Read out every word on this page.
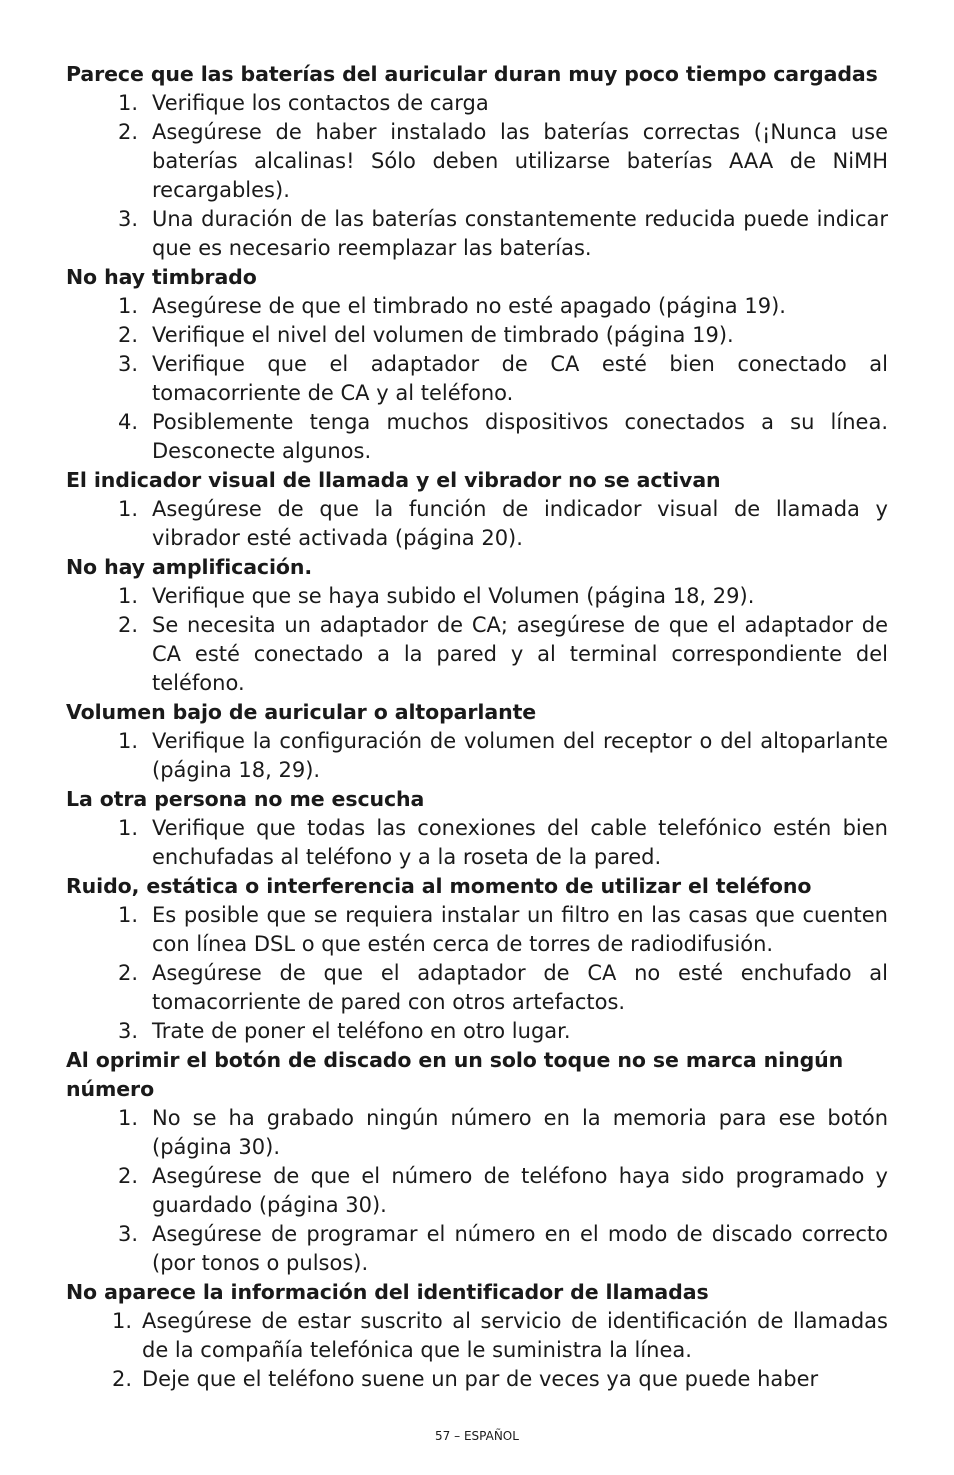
Parece que las baterías del auricular duran muy poco tiempo cargadas

1. Verifique los contactos de carga
2. Asegúrese de haber instalado las baterías correctas (¡Nunca use baterías alcalinas! Sólo deben utilizarse baterías AAA de NiMH recargables).
3. Una duración de las baterías constantemente reducida puede indicar que es necesario reemplazar las baterías.

No hay timbrado

1. Asegúrese de que el timbrado no esté apagado (página 19).
2. Verifique el nivel del volumen de timbrado (página 19).
3. Verifique que el adaptador de CA esté bien conectado al tomacorriente de CA y al teléfono.
4. Posiblemente tenga muchos dispositivos conectados a su línea. Desconecte algunos.

El indicador visual de llamada y el vibrador no se activan

1. Asegúrese de que la función de indicador visual de llamada y vibrador esté activada (página 20).

No hay amplificación.

1. Verifique que se haya subido el Volumen (página 18, 29).
2. Se necesita un adaptador de CA; asegúrese de que el adaptador de CA esté conectado a la pared y al terminal correspondiente del teléfono.

Volumen bajo de auricular o altoparlante

1. Verifique la configuración de volumen del receptor o del altoparlante (página 18, 29).

La otra persona no me escucha

1. Verifique que todas las conexiones del cable telefónico estén bien enchufadas al teléfono y a la roseta de la pared.

Ruido, estática o interferencia al momento de utilizar el teléfono

1. Es posible que se requiera instalar un filtro en las casas que cuenten con línea DSL o que estén cerca de torres de radiodifusión.
2. Asegúrese de que el adaptador de CA no esté enchufado al tomacorriente de pared con otros artefactos.
3. Trate de poner el teléfono en otro lugar.

Al oprimir el botón de discado en un solo toque no se marca ningún número

1. No se ha grabado ningún número en la memoria para ese botón (página 30).
2. Asegúrese de que el número de teléfono haya sido programado y guardado (página 30).
3. Asegúrese de programar el número en el modo de discado correcto (por tonos o pulsos).

No aparece la información del identificador de llamadas

1. Asegúrese de estar suscrito al servicio de identificación de llamadas de la compañía telefónica que le suministra la línea.
2. Deje que el teléfono suene un par de veces ya que puede haber
57 – ESPAÑOL
